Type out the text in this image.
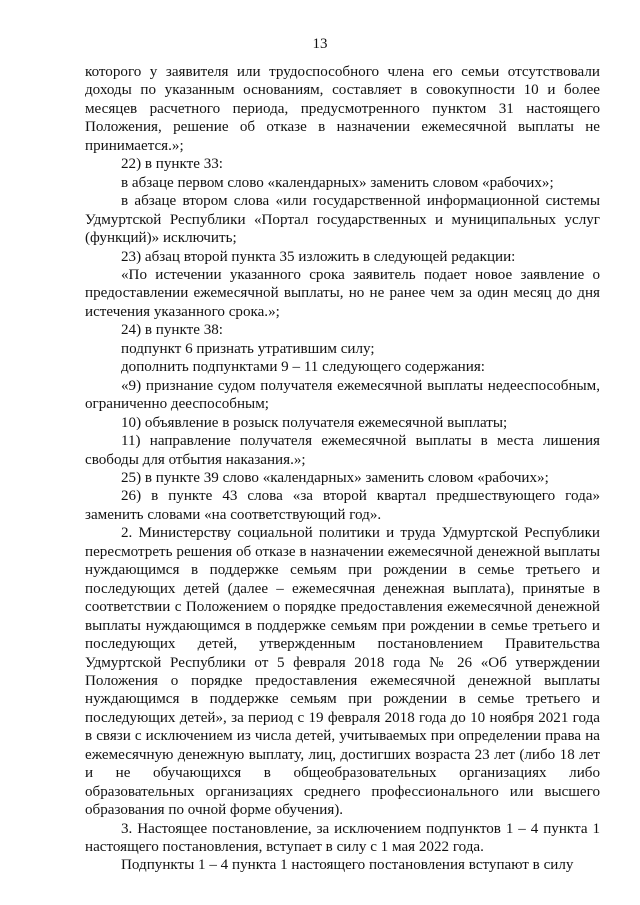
13

которого у заявителя или трудоспособного члена его семьи отсутствовали доходы по указанным основаниям, составляет в совокупности 10 и более месяцев расчетного периода, предусмотренного пунктом 31 настоящего Положения, решение об отказе в назначении ежемесячной выплаты не принимается.»;

22) в пункте 33:

в абзаце первом слово «календарных» заменить словом «рабочих»;

в абзаце втором слова «или государственной информационной системы Удмуртской Республики «Портал государственных и муниципальных услуг (функций)» исключить;

23) абзац второй пункта 35 изложить в следующей редакции:

«По истечении указанного срока заявитель подает новое заявление о предоставлении ежемесячной выплаты, но не ранее чем за один месяц до дня истечения указанного срока.»;

24) в пункте 38:

подпункт 6 признать утратившим силу;

дополнить подпунктами 9 – 11 следующего содержания:

«9) признание судом получателя ежемесячной выплаты недееспособным, ограниченно дееспособным;

10) объявление в розыск получателя ежемесячной выплаты;

11) направление получателя ежемесячной выплаты в места лишения свободы для отбытия наказания.»;

25) в пункте 39 слово «календарных» заменить словом «рабочих»;

26) в пункте 43 слова «за второй квартал предшествующего года» заменить словами «на соответствующий год».

2. Министерству социальной политики и труда Удмуртской Республики пересмотреть решения об отказе в назначении ежемесячной денежной выплаты нуждающимся в поддержке семьям при рождении в семье третьего и последующих детей (далее – ежемесячная денежная выплата), принятые в соответствии с Положением о порядке предоставления ежемесячной денежной выплаты нуждающимся в поддержке семьям при рождении в семье третьего и последующих детей, утвержденным постановлением Правительства Удмуртской Республики от 5 февраля 2018 года № 26 «Об утверждении Положения о порядке предоставления ежемесячной денежной выплаты нуждающимся в поддержке семьям при рождении в семье третьего и последующих детей», за период с 19 февраля 2018 года до 10 ноября 2021 года в связи с исключением из числа детей, учитываемых при определении права на ежемесячную денежную выплату, лиц, достигших возраста 23 лет (либо 18 лет и не обучающихся в общеобразовательных организациях либо образовательных организациях среднего профессионального или высшего образования по очной форме обучения).

3. Настоящее постановление, за исключением подпунктов 1 – 4 пункта 1 настоящего постановления, вступает в силу с 1 мая 2022 года.

Подпункты 1 – 4 пункта 1 настоящего постановления вступают в силу
